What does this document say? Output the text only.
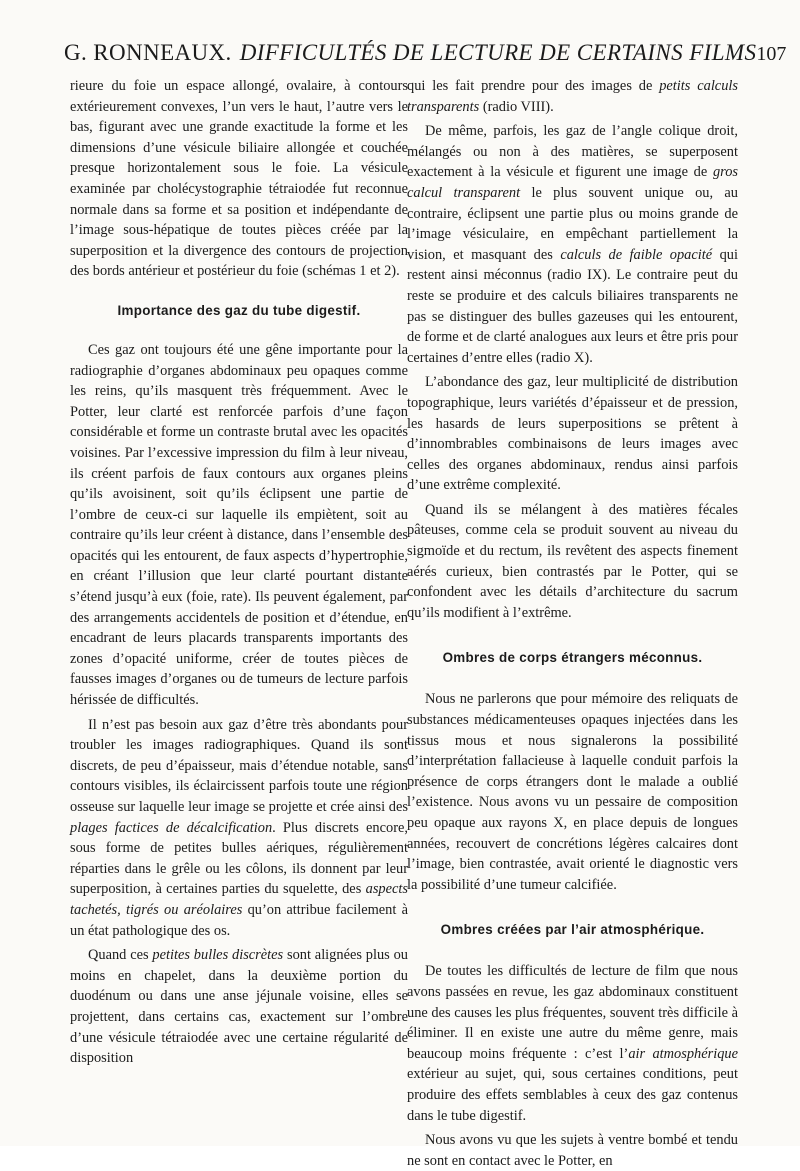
G. RONNEAUX. DIFFICULTÉS DE LECTURE DE CERTAINS FILMS 107

rieure du foie un espace allongé, ovalaire, à contours extérieurement convexes, l’un vers le haut, l’autre vers le bas, figurant avec une grande exactitude la forme et les dimensions d’une vésicule biliaire allongée et couchée presque horizontalement sous le foie. La vésicule examinée par cholécystographie tétraiodée fut reconnue normale dans sa forme et sa position et indépendante de l’image sous-hépatique de toutes pièces créée par la superposition et la divergence des contours de projection des bords antérieur et postérieur du foie (schémas 1 et 2).

Importance des gaz du tube digestif.

Ces gaz ont toujours été une gêne importante pour la radiographie d’organes abdominaux peu opaques comme les reins, qu’ils masquent très fréquemment. Avec le Potter, leur clarté est renforcée parfois d’une façon considérable et forme un contraste brutal avec les opacités voisines. Par l’excessive impression du film à leur niveau, ils créent parfois de faux contours aux organes pleins qu’ils avoisinent, soit qu’ils éclipsent une partie de l’ombre de ceux-ci sur laquelle ils empiètent, soit au contraire qu’ils leur créent à distance, dans l’ensemble des opacités qui les entourent, de faux aspects d’hypertrophie, en créant l’illusion que leur clarté pourtant distante s’étend jusqu’à eux (foie, rate). Ils peuvent également, par des arrangements accidentels de position et d’étendue, en encadrant de leurs placards transparents importants des zones d’opacité uniforme, créer de toutes pièces de fausses images d’organes ou de tumeurs de lecture parfois hérissée de difficultés.

Il n’est pas besoin aux gaz d’être très abondants pour troubler les images radiographiques. Quand ils sont discrets, de peu d’épaisseur, mais d’étendue notable, sans contours visibles, ils éclaircissent parfois toute une région osseuse sur laquelle leur image se projette et crée ainsi des plages factices de décalcification. Plus discrets encore, sous forme de petites bulles aériques, régulièrement réparties dans le grêle ou les côlons, ils donnent par leur superposition, à certaines parties du squelette, des aspects tachetés, tigrés ou aréolaires qu’on attribue facilement à un état pathologique des os.

Quand ces petites bulles discrètes sont alignées plus ou moins en chapelet, dans la deuxième portion du duodénum ou dans une anse jéjunale voisine, elles se projettent, dans certains cas, exactement sur l’ombre d’une vésicule tétraiodée avec une certaine régularité de disposition

qui les fait prendre pour des images de petits calculs transparents (radio VIII).

De même, parfois, les gaz de l’angle colique droit, mélangés ou non à des matières, se superposent exactement à la vésicule et figurent une image de gros calcul transparent le plus souvent unique ou, au contraire, éclipsent une partie plus ou moins grande de l’image vésiculaire, en empêchant partiellement la vision, et masquant des calculs de faible opacité qui restent ainsi méconnus (radio IX). Le contraire peut du reste se produire et des calculs biliaires transparents ne pas se distinguer des bulles gazeuses qui les entourent, de forme et de clarté analogues aux leurs et être pris pour certaines d’entre elles (radio X).

L’abondance des gaz, leur multiplicité de distribution topographique, leurs variétés d’épaisseur et de pression, les hasards de leurs superpositions se prêtent à d’innombrables combinaisons de leurs images avec celles des organes abdominaux, rendus ainsi parfois d’une extrême complexité.

Quand ils se mélangent à des matières fécales pâteuses, comme cela se produit souvent au niveau du sigmoïde et du rectum, ils revêtent des aspects finement aérés curieux, bien contrastés par le Potter, qui se confondent avec les détails d’architecture du sacrum qu’ils modifient à l’extrême.

Ombres de corps étrangers méconnus.

Nous ne parlerons que pour mémoire des reliquats de substances médicamenteuses opaques injectées dans les tissus mous et nous signalerons la possibilité d’interprétation fallacieuse à laquelle conduit parfois la présence de corps étrangers dont le malade a oublié l’existence. Nous avons vu un pessaire de composition peu opaque aux rayons X, en place depuis de longues années, recouvert de concrétions légères calcaires dont l’image, bien contrastée, avait orienté le diagnostic vers la possibilité d’une tumeur calcifiée.

Ombres créées par l’air atmosphérique.

De toutes les difficultés de lecture de film que nous avons passées en revue, les gaz abdominaux constituent une des causes les plus fréquentes, souvent très difficile à éliminer. Il en existe une autre du même genre, mais beaucoup moins fréquente : c’est l’air atmosphérique extérieur au sujet, qui, sous certaines conditions, peut produire des effets semblables à ceux des gaz contenus dans le tube digestif.

Nous avons vu que les sujets à ventre bombé et tendu ne sont en contact avec le Potter, en
